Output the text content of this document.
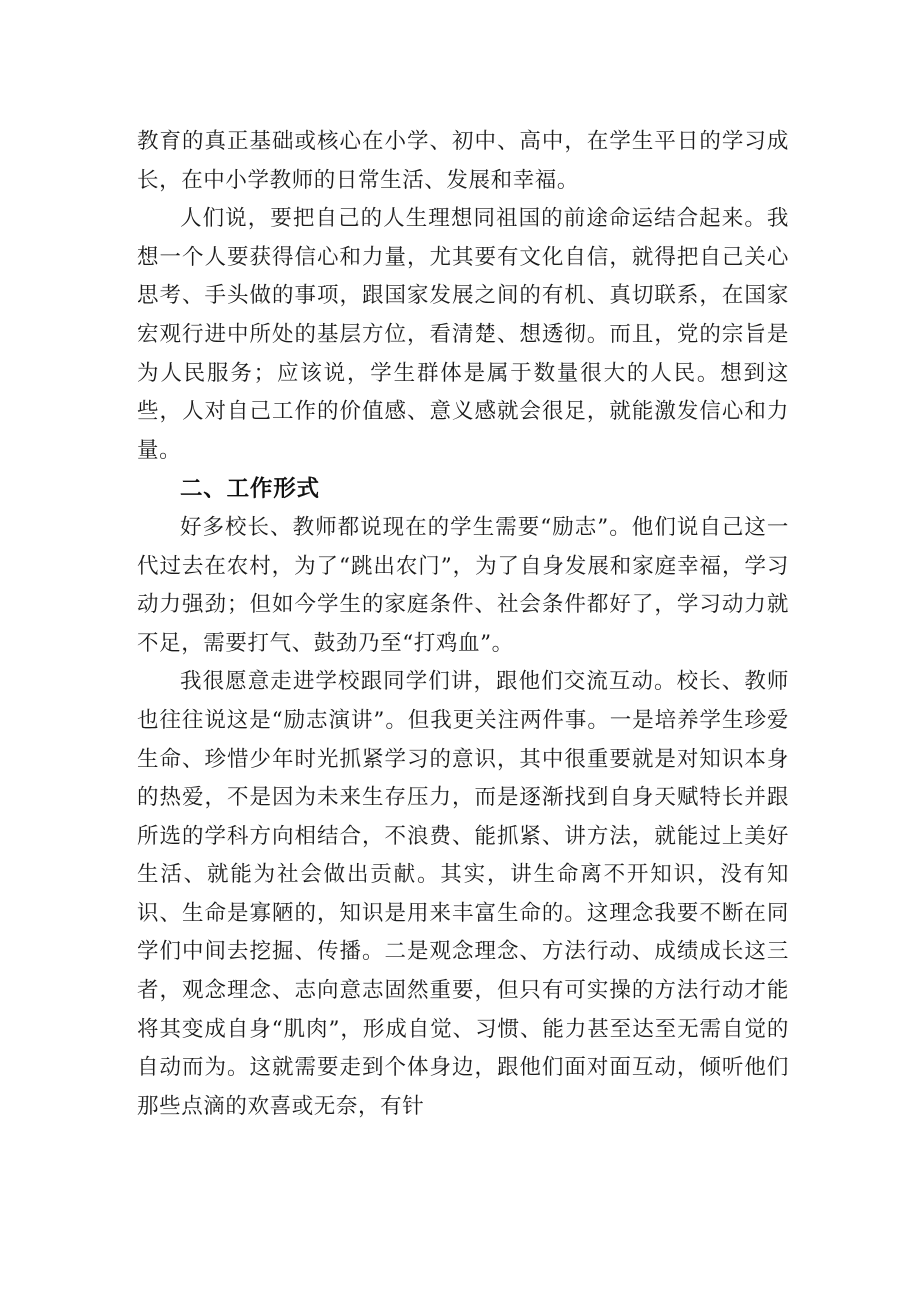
教育的真正基础或核心在小学、初中、高中，在学生平日的学习成长，在中小学教师的日常生活、发展和幸福。

人们说，要把自己的人生理想同祖国的前途命运结合起来。我想一个人要获得信心和力量，尤其要有文化自信，就得把自己关心思考、手头做的事项，跟国家发展之间的有机、真切联系，在国家宏观行进中所处的基层方位，看清楚、想透彻。而且，党的宗旨是为人民服务；应该说，学生群体是属于数量很大的人民。想到这些，人对自己工作的价值感、意义感就会很足，就能激发信心和力量。

二、工作形式

好多校长、教师都说现在的学生需要“励志”。他们说自己这一代过去在农村，为了“跳出农门”，为了自身发展和家庭幸福，学习动力强劲；但如今学生的家庭条件、社会条件都好了，学习动力就不足，需要打气、鼓劲乃至“打鸡血”。

我很愿意走进学校跟同学们讲，跟他们交流互动。校长、教师也往往说这是“励志演讲”。但我更关注两件事。一是培养学生珍爱生命、珍惜少年时光抓紧学习的意识，其中很重要就是对知识本身的热爱，不是因为未来生存压力，而是逐渐找到自身天赋特长并跟所选的学科方向相结合，不浪费、能抓紧、讲方法，就能过上美好生活、就能为社会做出贡献。其实，讲生命离不开知识，没有知识、生命是寡陋的，知识是用来丰富生命的。这理念我要不断在同学们中间去挖掘、传播。二是观念理念、方法行动、成绩成长这三者，观念理念、志向意志固然重要，但只有可实操的方法行动才能将其变成自身“肌肉”，形成自觉、习惯、能力甚至达至无需自觉的自动而为。这就需要走到个体身边，跟他们面对面互动，倾听他们那些点滴的欢喜或无奈，有针
